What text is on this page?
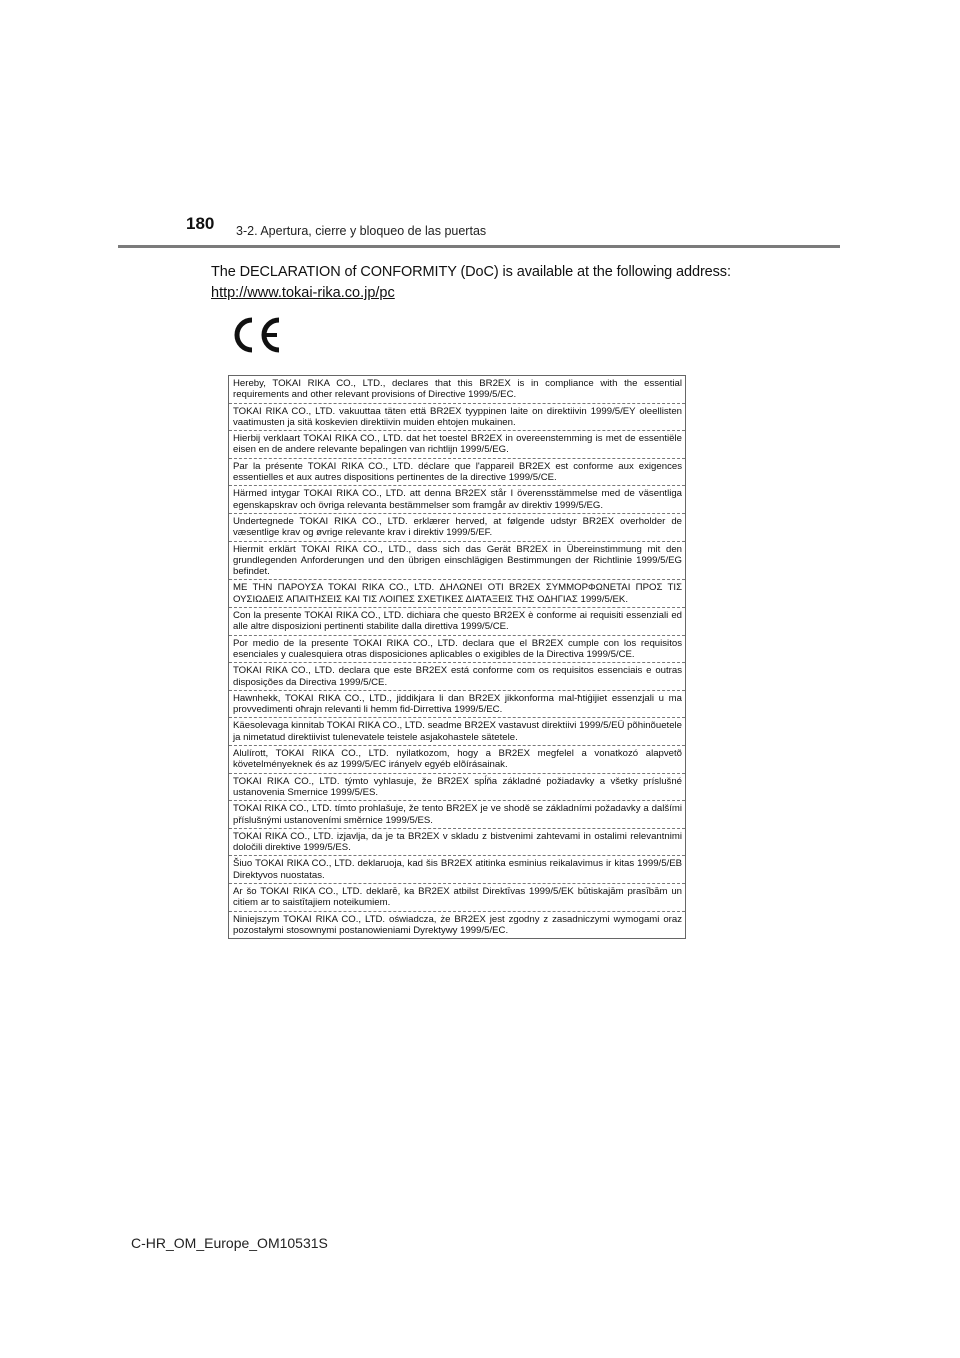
180 3-2. Apertura, cierre y bloqueo de las puertas
The DECLARATION of CONFORMITY (DoC) is available at the following address:
http://www.tokai-rika.co.jp/pc
Hereby, TOKAI RIKA CO., LTD., declares that this BR2EX is in compliance with the essential requirements and other relevant provisions of Directive 1999/5/EC.
TOKAI RIKA CO., LTD. vakuuttaa täten että BR2EX tyyppinen laite on direktiivin 1999/5/EY oleellisten vaatimusten ja sitä koskevien direktiivin muiden ehtojen mukainen.
Hierbij verklaart TOKAI RIKA CO., LTD. dat het toestel BR2EX in overeenstemming is met de essentiële eisen en de andere relevante bepalingen van richtlijn 1999/5/EG.
Par la présente TOKAI RIKA CO., LTD. déclare que l'appareil BR2EX est conforme aux exigences essentielles et aux autres dispositions pertinentes de la directive 1999/5/CE.
Härmed intygar TOKAI RIKA CO., LTD. att denna BR2EX står I överensstämmelse med de väsentliga egenskapskrav och övriga relevanta bestämmelser som framgår av direktiv 1999/5/EG.
Undertegnede TOKAI RIKA CO., LTD. erklærer herved, at følgende udstyr BR2EX overholder de væsentlige krav og øvrige relevante krav i direktiv 1999/5/EF.
Hiermit erklärt TOKAI RIKA CO., LTD., dass sich das Gerät BR2EX in Übereinstimmung mit den grundlegenden Anforderungen und den übrigen einschlägigen Bestimmungen der Richtlinie 1999/5/EG befindet.
ΜΕ ΤΗΝ ΠΑΡΟΥΣΑ TOKAI RIKA CO., LTD. ΔΗΛΩΝΕΙ ΟΤΙ BR2EX ΣΥΜΜΟΡΦΩΝΕΤΑΙ ΠΡΟΣ ΤΙΣ ΟΥΣΙΩΔΕΙΣ ΑΠΑΙΤΗΣΕΙΣ ΚΑΙ ΤΙΣ ΛΟΙΠΕΣ ΣΧΕΤΙΚΕΣ ΔΙΑΤΑΞΕΙΣ ΤΗΣ ΟΔΗΓΙΑΣ 1999/5/ΕΚ.
Con la presente TOKAI RIKA CO., LTD. dichiara che questo BR2EX è conforme ai requisiti essenziali ed alle altre disposizioni pertinenti stabilite dalla direttiva 1999/5/CE.
Por medio de la presente TOKAI RIKA CO., LTD. declara que el BR2EX cumple con los requisitos esenciales y cualesquiera otras disposiciones aplicables o exigibles de la Directiva 1999/5/CE.
TOKAI RIKA CO., LTD. declara que este BR2EX está conforme com os requisitos essenciais e outras disposições da Directiva 1999/5/CE.
Hawnhekk, TOKAI RIKA CO., LTD., jiddikjara li dan BR2EX jikkonforma mal-ħtiġijiet essenzjali u ma provvedimenti oħrajn relevanti li hemm fid-Dirrettiva 1999/5/EC.
Käesolevaga kinnitab TOKAI RIKA CO., LTD. seadme BR2EX vastavust direktiivi 1999/5/EÜ põhinõuetele ja nimetatud direktiivist tulenevatele teistele asjakohastele sätetele.
Alulírott, TOKAI RIKA CO., LTD. nyilatkozom, hogy a BR2EX megfelel a vonatkozó alapvetõ követelményeknek és az 1999/5/EC irányelv egyéb elõírásainak.
TOKAI RIKA CO., LTD. týmto vyhlasuje, že BR2EX spĺňa základné požiadavky a všetky príslušné ustanovenia Smernice 1999/5/ES.
TOKAI RIKA CO., LTD. tímto prohlašuje, že tento BR2EX je ve shodě se základními požadavky a dalšími příslušnými ustanoveními směrnice 1999/5/ES.
TOKAI RIKA CO., LTD. izjavlja, da je ta BR2EX v skladu z bistvenimi zahtevami in ostalimi relevantnimi določili direktive 1999/5/ES.
Šiuo TOKAI RIKA CO., LTD. deklaruoja, kad šis BR2EX atitinka esminius reikalavimus ir kitas 1999/5/EB Direktyvos nuostatas.
Ar šo TOKAI RIKA CO., LTD. deklarē, ka BR2EX atbilst Direktīvas 1999/5/EK būtiskajām prasībām un citiem ar to saistītajiem noteikumiem.
Niniejszym TOKAI RIKA CO., LTD. oświadcza, że BR2EX jest zgodny z zasadniczymi wymogami oraz pozostałymi stosownymi postanowieniami Dyrektywy 1999/5/EC.
C-HR_OM_Europe_OM10531S
